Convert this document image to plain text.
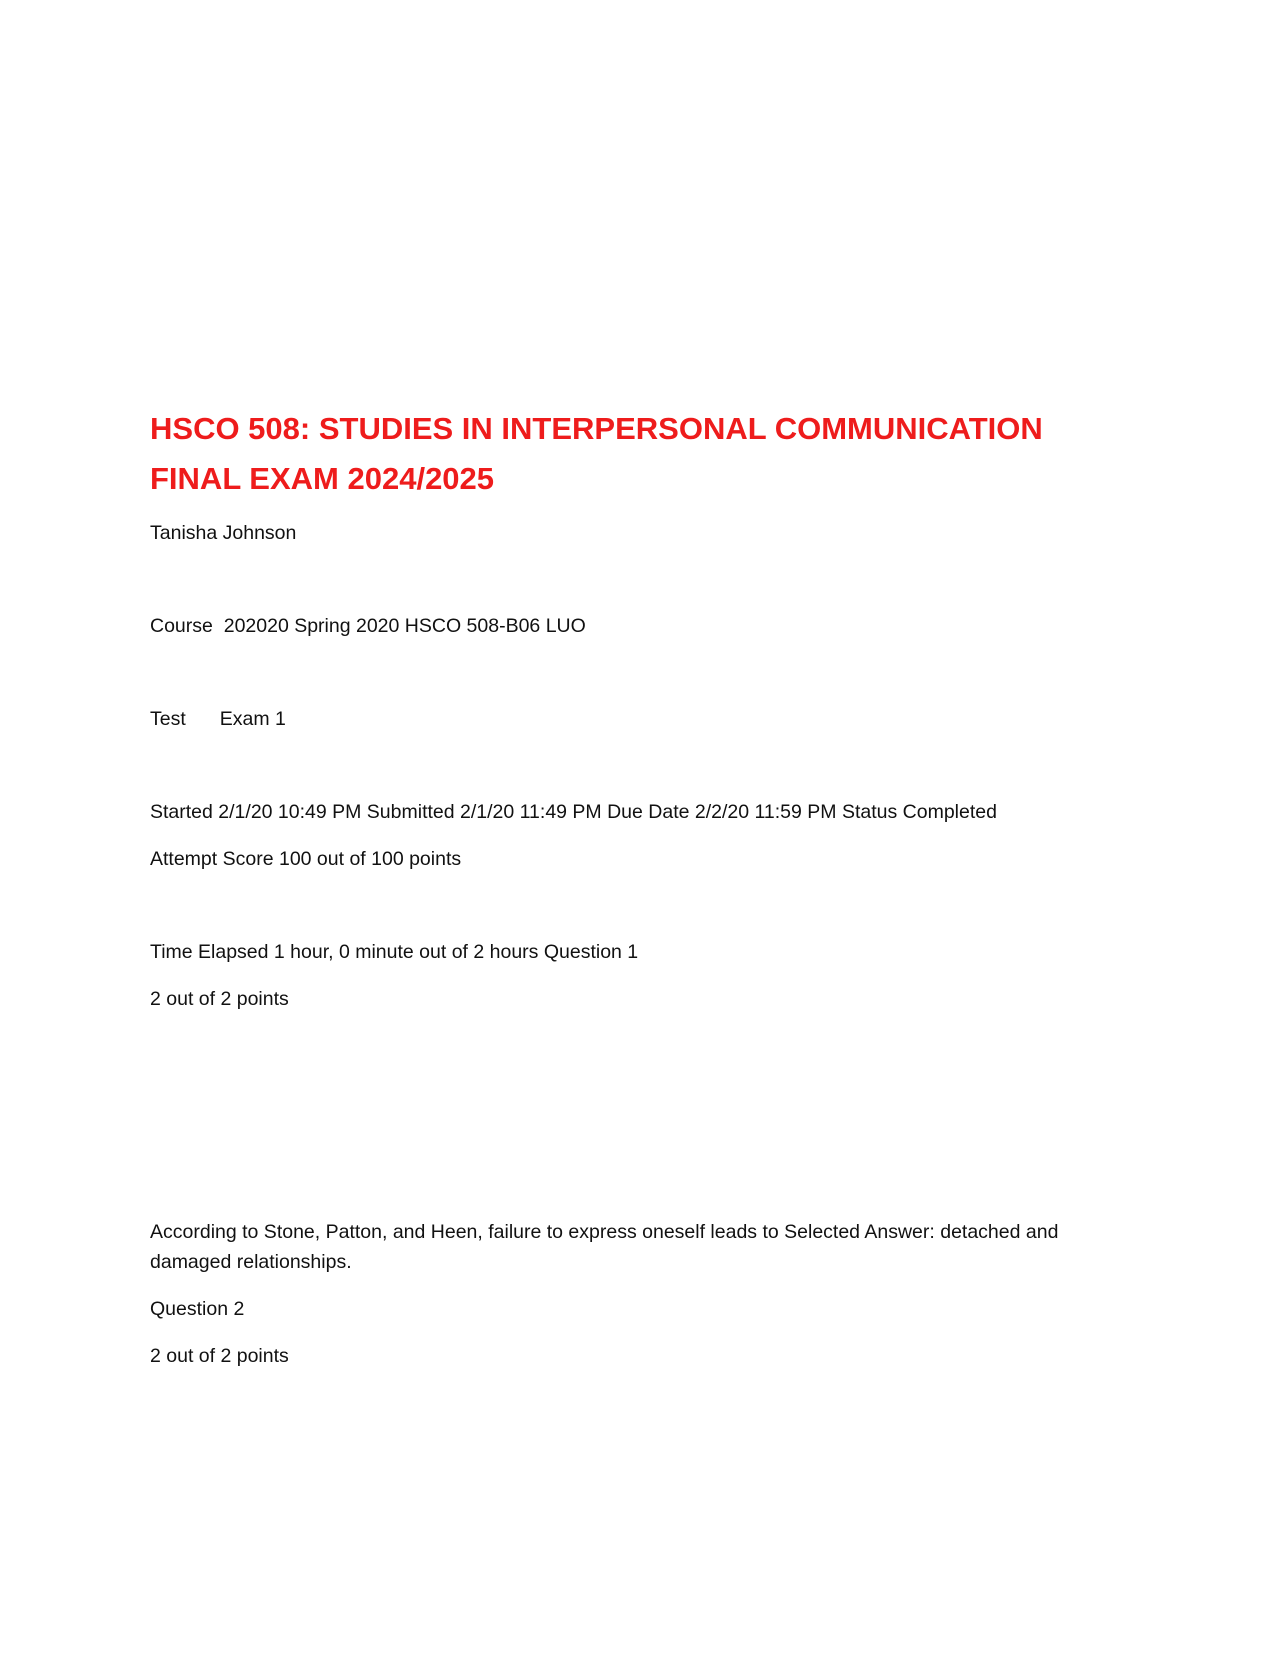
HSCO 508: STUDIES IN INTERPERSONAL COMMUNICATION
FINAL EXAM 2024/2025

Tanisha Johnson

Course 202020 Spring 2020 HSCO 508-B06 LUO

Test Exam 1

Started 2/1/20 10:49 PM Submitted 2/1/20 11:49 PM Due Date 2/2/20 11:59 PM Status Completed

Attempt Score 100 out of 100 points

Time Elapsed 1 hour, 0 minute out of 2 hours Question 1

2 out of 2 points

According to Stone, Patton, and Heen, failure to express oneself leads to Selected Answer: detached and damaged relationships.

Question 2

2 out of 2 points
